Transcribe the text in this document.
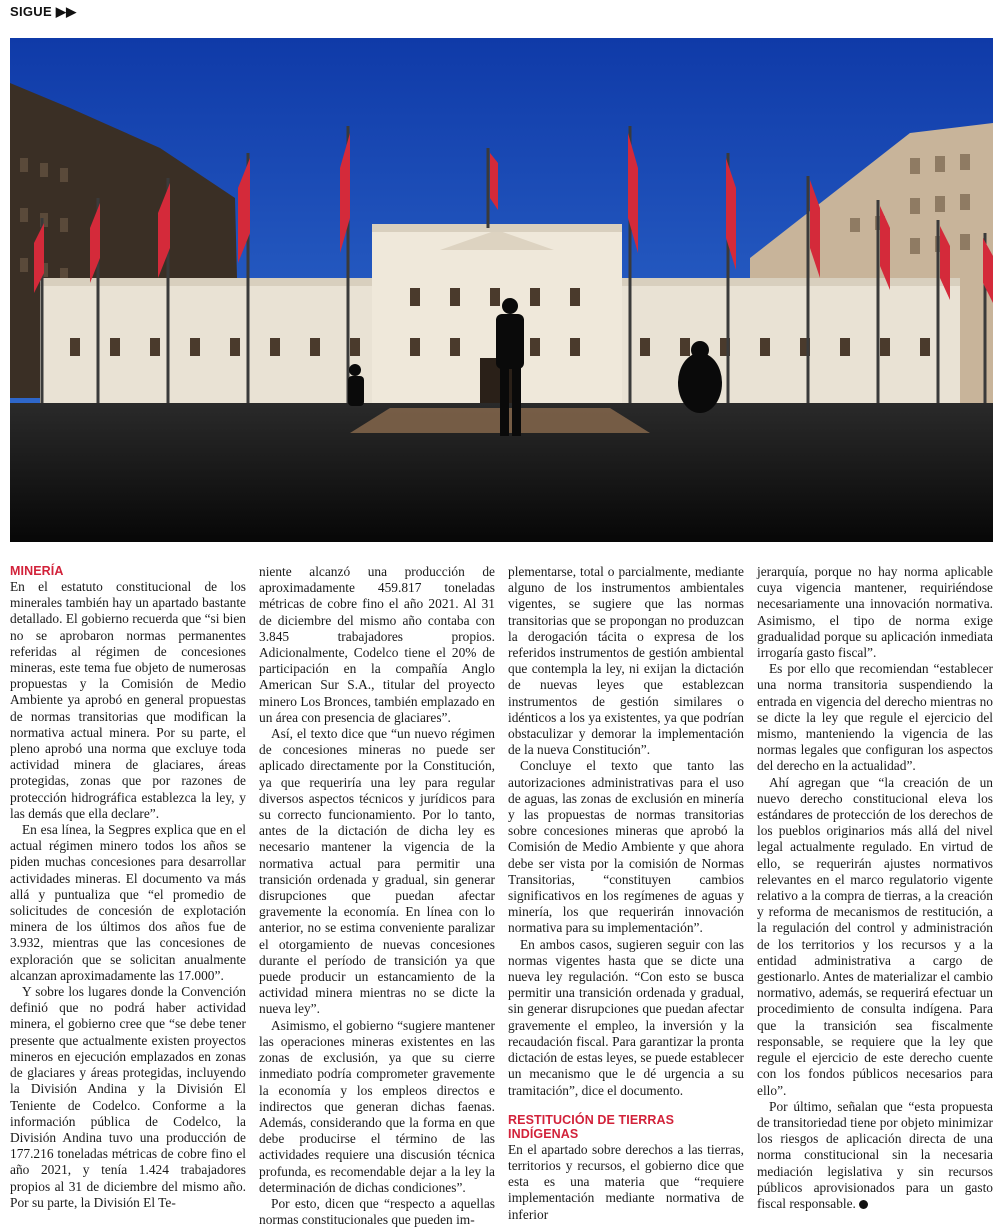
SIGUE ▶▶
MINERÍA

En el estatuto constitucional de los minerales también hay un apartado bastante detallado. El gobierno recuerda que “si bien no se aprobaron normas permanentes referidas al régimen de concesiones mineras, este tema fue objeto de numerosas propuestas y la Comisión de Medio Ambiente ya aprobó en general propuestas de normas transitorias que modifican la normativa actual minera. Por su parte, el pleno aprobó una norma que excluye toda actividad minera de glaciares, áreas protegidas, zonas que por razones de protección hidrográfica establezca la ley, y las demás que ella declare”.

En esa línea, la Segpres explica que en el actual régimen minero todos los años se piden muchas concesiones para desarrollar actividades mineras. El documento va más allá y puntualiza que “el promedio de solicitudes de concesión de explotación minera de los últimos dos años fue de 3.932, mientras que las concesiones de exploración que se solicitan anualmente alcanzan aproximadamente las 17.000”.

Y sobre los lugares donde la Convención definió que no podrá haber actividad minera, el gobierno cree que “se debe tener presente que actualmente existen proyectos mineros en ejecución emplazados en zonas de glaciares y áreas protegidas, incluyendo la División Andina y la División El Teniente de Codelco. Conforme a la información pública de Codelco, la División Andina tuvo una producción de 177.216 toneladas métricas de cobre fino el año 2021, y tenía 1.424 trabajadores propios al 31 de diciembre del mismo año. Por su parte, la División El Te-

niente alcanzó una producción de aproximadamente 459.817 toneladas métricas de cobre fino el año 2021. Al 31 de diciembre del mismo año contaba con 3.845 trabajadores propios. Adicionalmente, Codelco tiene el 20% de participación en la compañía Anglo American Sur S.A., titular del proyecto minero Los Bronces, también emplazado en un área con presencia de glaciares”.

Así, el texto dice que “un nuevo régimen de concesiones mineras no puede ser aplicado directamente por la Constitución, ya que requeriría una ley para regular diversos aspectos técnicos y jurídicos para su correcto funcionamiento. Por lo tanto, antes de la dictación de dicha ley es necesario mantener la vigencia de la normativa actual para permitir una transición ordenada y gradual, sin generar disrupciones que puedan afectar gravemente la economía. En línea con lo anterior, no se estima conveniente paralizar el otorgamiento de nuevas concesiones durante el período de transición ya que puede producir un estancamiento de la actividad minera mientras no se dicte la nueva ley”.

Asimismo, el gobierno “sugiere mantener las operaciones mineras existentes en las zonas de exclusión, ya que su cierre inmediato podría comprometer gravemente la economía y los empleos directos e indirectos que generan dichas faenas. Además, considerando que la forma en que debe producirse el término de las actividades requiere una discusión técnica profunda, es recomendable dejar a la ley la determinación de dichas condiciones”.

Por esto, dicen que “respecto a aquellas normas constitucionales que pueden im-

plementarse, total o parcialmente, mediante alguno de los instrumentos ambientales vigentes, se sugiere que las normas transitorias que se propongan no produzcan la derogación tácita o expresa de los referidos instrumentos de gestión ambiental que contempla la ley, ni exijan la dictación de nuevas leyes que establezcan instrumentos de gestión similares o idénticos a los ya existentes, ya que podrían obstaculizar y demorar la implementación de la nueva Constitución”.

Concluye el texto que tanto las autorizaciones administrativas para el uso de aguas, las zonas de exclusión en minería y las propuestas de normas transitorias sobre concesiones mineras que aprobó la Comisión de Medio Ambiente y que ahora debe ser vista por la comisión de Normas Transitorias, “constituyen cambios significativos en los regímenes de aguas y minería, los que requerirán innovación normativa para su implementación”.

En ambos casos, sugieren seguir con las normas vigentes hasta que se dicte una nueva ley regulación. “Con esto se busca permitir una transición ordenada y gradual, sin generar disrupciones que puedan afectar gravemente el empleo, la inversión y la recaudación fiscal. Para garantizar la pronta dictación de estas leyes, se puede establecer un mecanismo que le dé urgencia a su tramitación”, dice el documento.

RESTITUCIÓN DE TIERRAS INDÍGENAS

En el apartado sobre derechos a las tierras, territorios y recursos, el gobierno dice que esta es una materia que “requiere implementación mediante normativa de inferior

jerarquía, porque no hay norma aplicable cuya vigencia mantener, requiriéndose necesariamente una innovación normativa. Asimismo, el tipo de norma exige gradualidad porque su aplicación inmediata irrogaría gasto fiscal”.

Es por ello que recomiendan “establecer una norma transitoria suspendiendo la entrada en vigencia del derecho mientras no se dicte la ley que regule el ejercicio del mismo, manteniendo la vigencia de las normas legales que configuran los aspectos del derecho en la actualidad”.

Ahí agregan que “la creación de un nuevo derecho constitucional eleva los estándares de protección de los derechos de los pueblos originarios más allá del nivel legal actualmente regulado. En virtud de ello, se requerirán ajustes normativos relevantes en el marco regulatorio vigente relativo a la compra de tierras, a la creación y reforma de mecanismos de restitución, a la regulación del control y administración de los territorios y los recursos y a la entidad administrativa a cargo de gestionarlo. Antes de materializar el cambio normativo, además, se requerirá efectuar un procedimiento de consulta indígena. Para que la transición sea fiscalmente responsable, se requiere que la ley que regule el ejercicio de este derecho cuente con los fondos públicos necesarios para ello”.

Por último, señalan que “esta propuesta de transitoriedad tiene por objeto minimizar los riesgos de aplicación directa de una norma constitucional sin la necesaria mediación legislativa y sin recursos públicos aprovisionados para un gasto fiscal responsable.
